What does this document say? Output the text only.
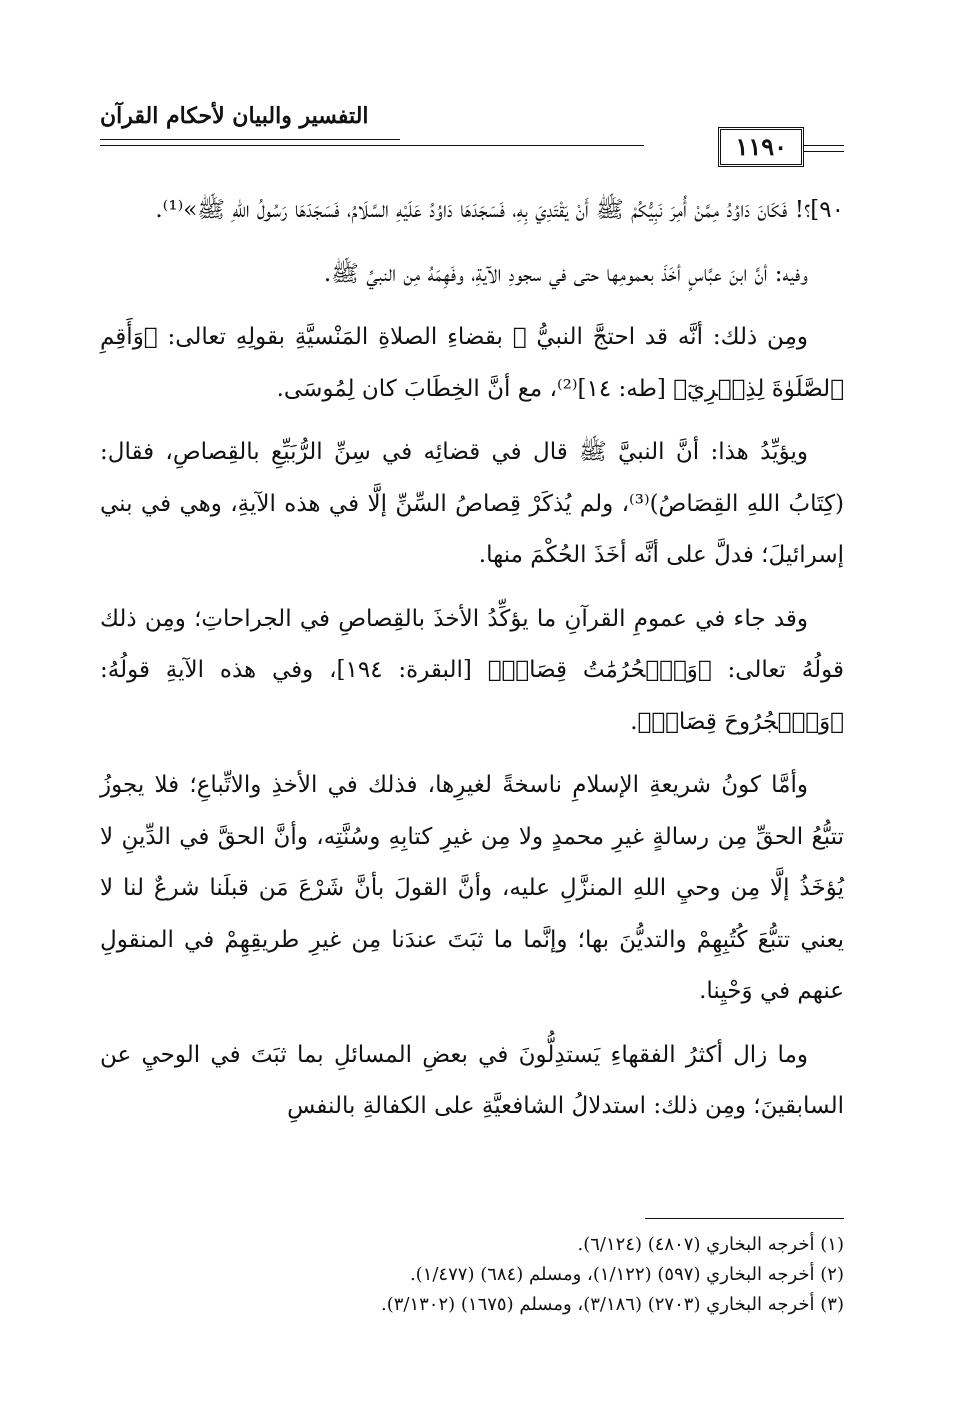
التفسير والبيان لأحكام القرآن
١١٩٠

٩٠]؟! فَكَانَ دَاوُدُ مِمَّنْ أُمِرَ نَبِيُّكُمْ ﷺ أَنْ يَقْتَدِيَ بِهِ، فَسَجَدَهَا دَاوُدُ عَلَيْهِ السَّلَامُ، فَسَجَدَهَا رَسُولُ اللهِ ﷺ»⁽¹⁾.

وفيه: أنَّ ابنَ عبَّاسٍ أخَذَ بعمومِها حتى في سجودِ الآيةِ، وفَهِمَهُ مِن النبيِّ ﷺ.

ومِن ذلك: أنَّه قد احتجَّ النبيُّ ﷺ بقضاءِ الصلاةِ المَنْسيَّةِ بقولِهِ تعالى: ﴿وَأَقِمِ ٱلصَّلَوٰةَ لِذِكۡرِيٓ﴾ [طه: ١٤]⁽²⁾، مع أنَّ الخِطَابَ كان لِمُوسَى.

ويؤيِّدُ هذا: أنَّ النبيَّ ﷺ قال في قضائِه في سِنِّ الرُّبَيِّعِ بالقِصاصِ، فقال: (كِتَابُ اللهِ القِصَاصُ)⁽³⁾، ولم يُذكَرْ قِصاصُ السِّنِّ إلَّا في هذه الآيةِ، وهي في بني إسرائيلَ؛ فدلَّ على أنَّه أخَذَ الحُكْمَ منها.

وقد جاء في عمومِ القرآنِ ما يؤكِّدُ الأخذَ بالقِصاصِ في الجراحاتِ؛ ومِن ذلك قولُهُ تعالى: ﴿وَٱلۡحُرُمَٰتُ قِصَاصٞ﴾ [البقرة: ١٩٤]، وفي هذه الآيةِ قولُهُ: ﴿وَٱلۡجُرُوحَ قِصَاصٞ﴾.

وأمَّا كونُ شريعةِ الإسلامِ ناسخةً لغيرِها، فذلك في الأخذِ والاتِّباعِ؛ فلا يجوزُ تتبُّعُ الحقِّ مِن رسالةٍ غيرِ محمدٍ ولا مِن غيرِ كتابِهِ وسُنَّتِه، وأنَّ الحقَّ في الدِّينِ لا يُؤخَذُ إلَّا مِن وحيِ اللهِ المنزَّلِ عليه، وأنَّ القولَ بأنَّ شَرْعَ مَن قبلَنا شرعٌ لنا لا يعني تتبُّعَ كُتُبِهِمْ والتديُّنَ بها؛ وإنَّما ما ثبَتَ عندَنا مِن غيرِ طريقِهِمْ في المنقولِ عنهم في وَحْيِنا.

وما زال أكثرُ الفقهاءِ يَستدِلُّونَ في بعضِ المسائلِ بما ثبَتَ في الوحيِ عن السابقينَ؛ ومِن ذلك: استدلالُ الشافعيَّةِ على الكفالةِ بالنفسِ

(١) أخرجه البخاري (٤٨٠٧) (٦/١٢٤).

(٢) أخرجه البخاري (٥٩٧) (١/١٢٢)، ومسلم (٦٨٤) (١/٤٧٧).

(٣) أخرجه البخاري (٢٧٠٣) (٣/١٨٦)، ومسلم (١٦٧٥) (٣/١٣٠٢).
